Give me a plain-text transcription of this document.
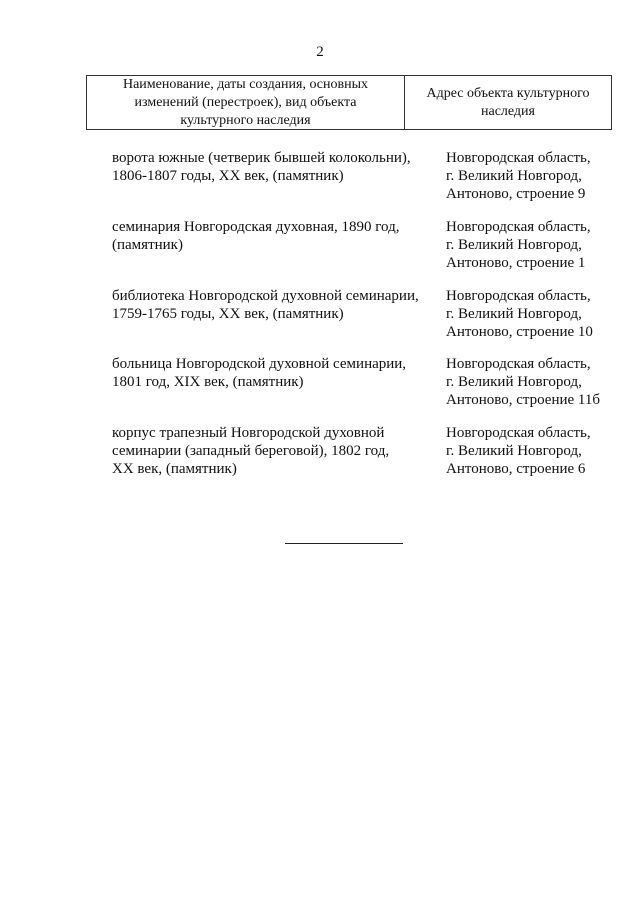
2
Наименование, даты создания, основных изменений (перестроек), вид объекта культурного наследия
Адрес объекта культурного наследия
ворота южные (четверик бывшей колокольни),
1806-1807 годы, XX век, (памятник)
Новгородская область,
г. Великий Новгород,
Антоново, строение 9
семинария Новгородская духовная, 1890 год,
(памятник)
Новгородская область,
г. Великий Новгород,
Антоново, строение 1
библиотека Новгородской духовной семинарии,
1759-1765 годы, XX век, (памятник)
Новгородская область,
г. Великий Новгород,
Антоново, строение 10
больница Новгородской духовной семинарии,
1801 год, XIX век, (памятник)
Новгородская область,
г. Великий Новгород,
Антоново, строение 11б
корпус трапезный Новгородской духовной
семинарии (западный береговой), 1802 год,
XX век, (памятник)
Новгородская область,
г. Великий Новгород,
Антоново, строение 6
